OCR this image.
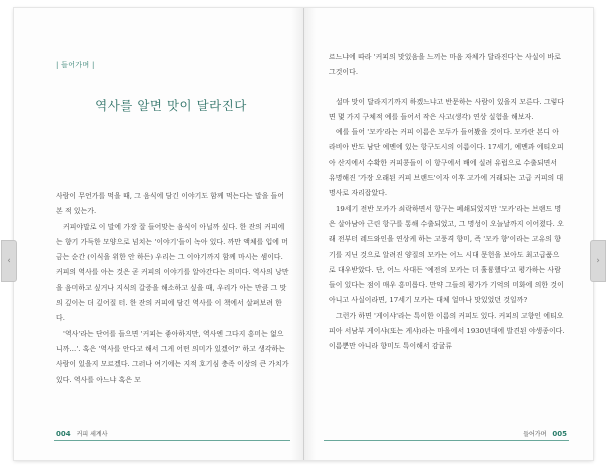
| 들어가며 |
역사를 알면 맛이 달라진다

사람이 무언가를 먹을 때, 그 음식에 담긴 이야기도 함께 먹는다는 말을 들어본 적 있는가.

커피야말로 이 말에 가장 잘 들어맞는 음식이 아닐까 싶다. 한 잔의 커피에는 향기 가득한 모양으로 넘치는 '이야기'들이 녹아 있다. 까만 액체를 입에 머금는 순간 (이식을 위한 안 하든) 우리는 그 이야기까지 함께 마시는 셈이다. 커피의 역사를 아는 것은 곧 커피의 이야기를 알아간다는 의미다. 역사의 낭만을 음미하고 싶거나 지식의 갈증을 해소하고 싶을 때, 우리가 아는 만큼 그 맛의 깊이는 더 깊어질 터. 한 잔의 커피에 담긴 역사를 이 책에서 살펴보려 한다.

'역사'라는 단어를 들으면 '커피는 좋아하지만, 역사엔 그다지 흥미는 없으니까…'. 혹은 '역사를 안다고 해서 그게 어떤 의미가 있겠어?' 하고 생각하는 사람이 있을지 모르겠다. 그러나 여기에는 지적 호기심 충족 이상의 큰 가치가 있다. 역사를 아느냐 혹은 모

004 커피 세계사

르느냐에 따라 '커피의 맛있음을 느끼는 마음 자체가 달라진다'는 사실이 바로 그것이다.

설마 맛이 달라지기까지 하겠느냐고 반문하는 사람이 있을지 모른다. 그렇다면 몇 가지 구체적 예를 들어서 작은 사고(생각) 연상 실험을 해보자.

예를 들어 '모카'라는 커피 이름은 모두가 들어봤을 것이다. 모카란 본디 아라비아 반도 남단 예멘에 있는 항구도시의 이름이다. 17세기, 예멘과 에티오피아 산지에서 수확한 커피콩들이 이 항구에서 배에 실려 유럽으로 수출되면서 유명해진 '가장 오래된 커피 브랜드'이자 이후 고가에 거래되는 고급 커피의 대명사로 자리잡았다.

19세기 전반 모카가 쇠락하면서 항구는 폐쇄되었지만 '모카'라는 브랜드 명은 살아남아 근린 항구를 통해 수출되었고, 그 명성이 오늘날까지 이어졌다. 오래 전부터 레드와인을 연상케 하는 고풍격 향미, 즉 '모카 향'이라는 고유의 향기를 지닌 것으로 알려진 양질의 모카는 어느 시대 문헌을 보아도 최고급품으로 대우받았다. 단, 어느 사대든 '예전의 모카는 더 훌륭했다'고 평가하는 사람들이 있다는 점이 매우 흥미롭다. 만약 그들의 평가가 기억의 미화에 의한 것이 아니고 사실이라면, 17세기 모카는 대체 얼마나 맛있었던 것일까?

그런가 하면 '게이샤'라는 특이한 이름의 커피도 있다. 커피의 고향인 에티오피아 서남부 게이샤(또는 게샤)라는 마을에서 1930년대에 발견된 야생종이다. 이름뿐만 아니라 향미도 특이해서 감귤류

들어가며 005
‹	›
